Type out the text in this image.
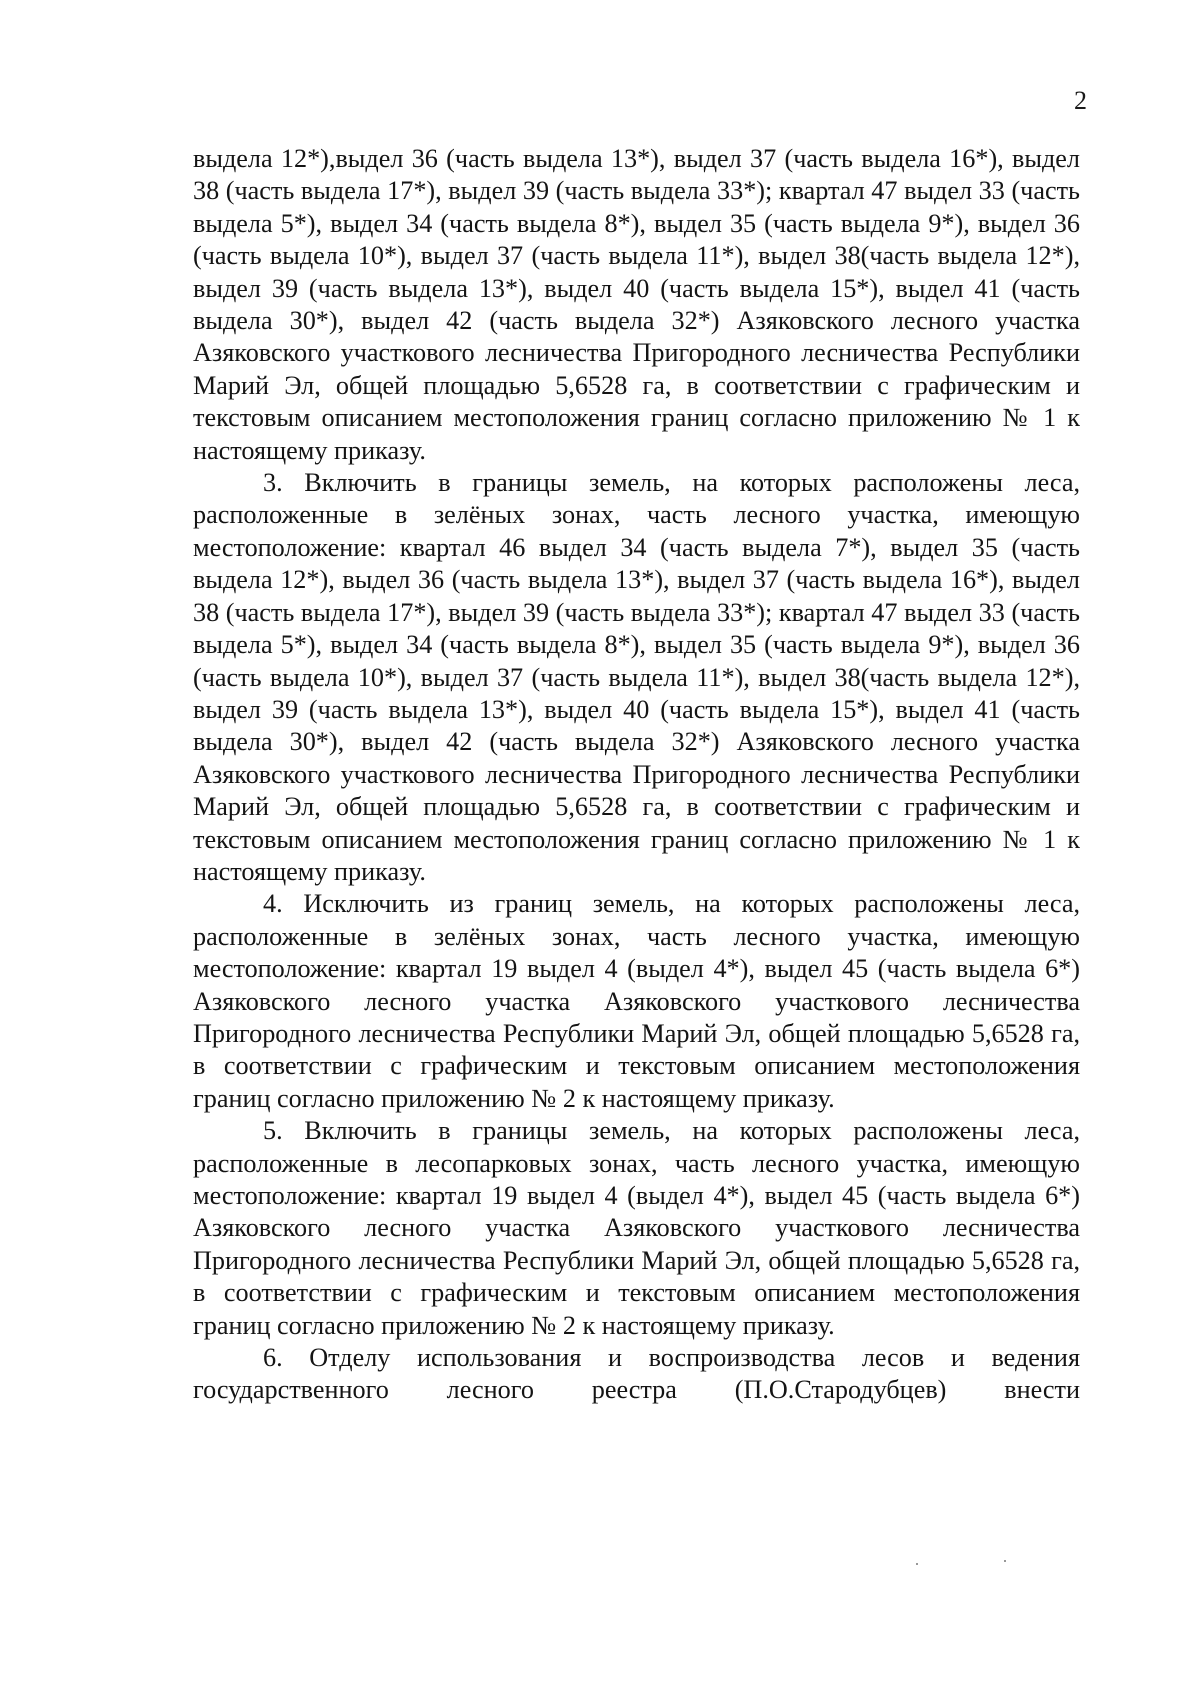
2

выдела 12*),выдел 36 (часть выдела 13*), выдел 37 (часть выдела 16*), выдел 38 (часть выдела 17*), выдел 39 (часть выдела 33*); квартал 47 выдел 33 (часть выдела 5*), выдел 34 (часть выдела 8*), выдел 35 (часть выдела 9*), выдел 36 (часть выдела 10*), выдел 37 (часть выдела 11*), выдел 38(часть выдела 12*), выдел 39 (часть выдела 13*), выдел 40 (часть выдела 15*), выдел 41 (часть выдела 30*), выдел 42 (часть выдела 32*) Азяковского лесного участка Азяковского участкового лесничества Пригородного лесничества Республики Марий Эл, общей площадью 5,6528 га, в соответствии с графическим и текстовым описанием местоположения границ согласно приложению № 1 к настоящему приказу.

3. Включить в границы земель, на которых расположены леса, расположенные в зелёных зонах, часть лесного участка, имеющую местоположение: квартал 46 выдел 34 (часть выдела 7*), выдел 35 (часть выдела 12*), выдел 36 (часть выдела 13*), выдел 37 (часть выдела 16*), выдел 38 (часть выдела 17*), выдел 39 (часть выдела 33*); квартал 47 выдел 33 (часть выдела 5*), выдел 34 (часть выдела 8*), выдел 35 (часть выдела 9*), выдел 36 (часть выдела 10*), выдел 37 (часть выдела 11*), выдел 38(часть выдела 12*), выдел 39 (часть выдела 13*), выдел 40 (часть выдела 15*), выдел 41 (часть выдела 30*), выдел 42 (часть выдела 32*) Азяковского лесного участка Азяковского участкового лесничества Пригородного лесничества Республики Марий Эл, общей площадью 5,6528 га, в соответствии с графическим и текстовым описанием местоположения границ согласно приложению № 1 к настоящему приказу.

4. Исключить из границ земель, на которых расположены леса, расположенные в зелёных зонах, часть лесного участка, имеющую местоположение: квартал 19 выдел 4 (выдел 4*), выдел 45 (часть выдела 6*) Азяковского лесного участка Азяковского участкового лесничества Пригородного лесничества Республики Марий Эл, общей площадью 5,6528 га, в соответствии с графическим и текстовым описанием местоположения границ согласно приложению № 2 к настоящему приказу.

5. Включить в границы земель, на которых расположены леса, расположенные в лесопарковых зонах, часть лесного участка, имеющую местоположение: квартал 19 выдел 4 (выдел 4*), выдел 45 (часть выдела 6*) Азяковского лесного участка Азяковского участкового лесничества Пригородного лесничества Республики Марий Эл, общей площадью 5,6528 га, в соответствии с графическим и текстовым описанием местоположения границ согласно приложению № 2 к настоящему приказу.

6. Отделу использования и воспроизводства лесов и ведения государственного лесного реестра (П.О.Стародубцев) внести
